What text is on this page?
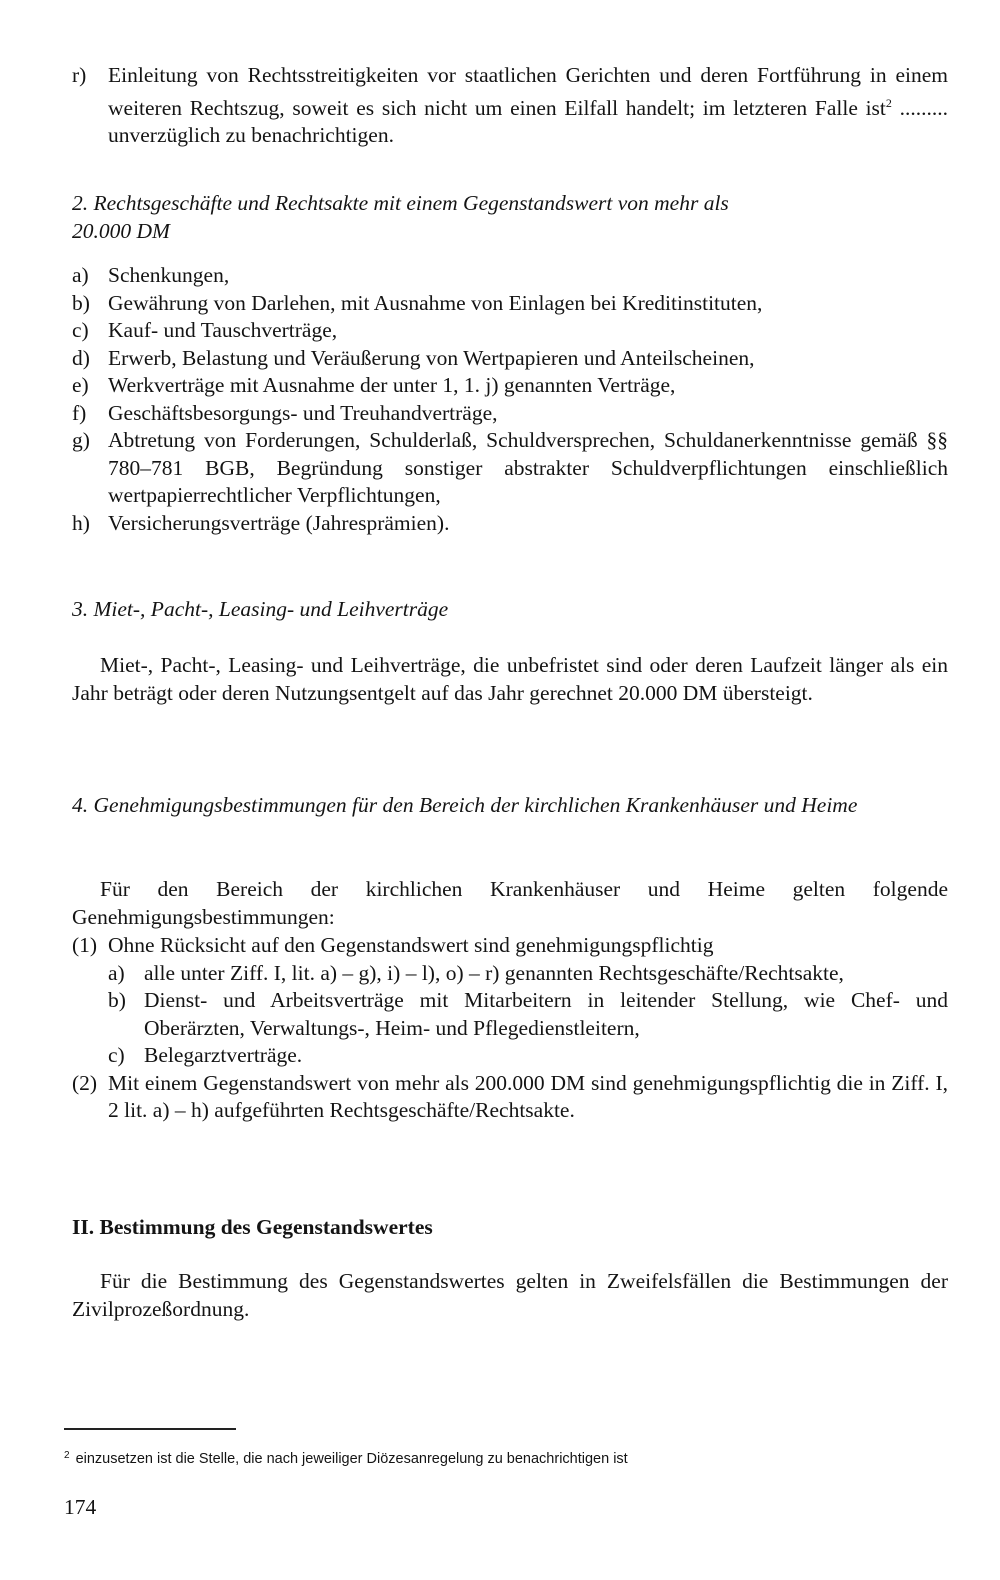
r)	Einleitung von Rechtsstreitigkeiten vor staatlichen Gerichten und deren Fortführung in einem weiteren Rechtszug, soweit es sich nicht um einen Eilfall handelt; im letzteren Falle ist$^2$ ......... unverzüglich zu benachrichtigen.
2. Rechtsgeschäfte und Rechtsakte mit einem Gegenstandswert von mehr als 20.000 DM
a) Schenkungen,
b) Gewährung von Darlehen, mit Ausnahme von Einlagen bei Kreditinstituten,
c) Kauf- und Tauschverträge,
d) Erwerb, Belastung und Veräußerung von Wertpapieren und Anteilscheinen,
e) Werkverträge mit Ausnahme der unter 1, 1. j) genannten Verträge,
f)	Geschäftsbesorgungs- und Treuhandverträge,
g) Abtretung von Forderungen, Schulderlaß, Schuldversprechen, Schuldanerkenntnisse gemäß §§ 780–781 BGB, Begründung sonstiger abstrakter Schuldverpflichtungen einschließlich wertpapierrechtlicher Verpflichtungen,
h) Versicherungsverträge (Jahresprämien).
3. Miet-, Pacht-, Leasing- und Leihverträge
Miet-, Pacht-, Leasing- und Leihverträge, die unbefristet sind oder deren Laufzeit länger als ein Jahr beträgt oder deren Nutzungsentgelt auf das Jahr gerechnet 20.000 DM übersteigt.
4. Genehmigungsbestimmungen für den Bereich der kirchlichen Krankenhäuser und Heime
Für den Bereich der kirchlichen Krankenhäuser und Heime gelten folgende Genehmigungsbestimmungen:
(1) Ohne Rücksicht auf den Gegenstandswert sind genehmigungspflichtig
a) alle unter Ziff. I, lit. a) – g), i) – l), o) – r) genannten Rechtsgeschäfte/Rechtsakte,
b) Dienst- und Arbeitsverträge mit Mitarbeitern in leitender Stellung, wie Chef- und Oberärzten, Verwaltungs-, Heim- und Pflegedienstleitern,
c) Belegarztverträge.
(2) Mit einem Gegenstandswert von mehr als 200.000 DM sind genehmigungspflichtig die in Ziff. I, 2 lit. a) – h) aufgeführten Rechtsgeschäfte/Rechtsakte.
II. Bestimmung des Gegenstandswertes
Für die Bestimmung des Gegenstandswertes gelten in Zweifelsfällen die Bestimmungen der Zivilprozeßordnung.
$^2$ einzusetzen ist die Stelle, die nach jeweiliger Diözesanregelung zu benachrichtigen ist
174
